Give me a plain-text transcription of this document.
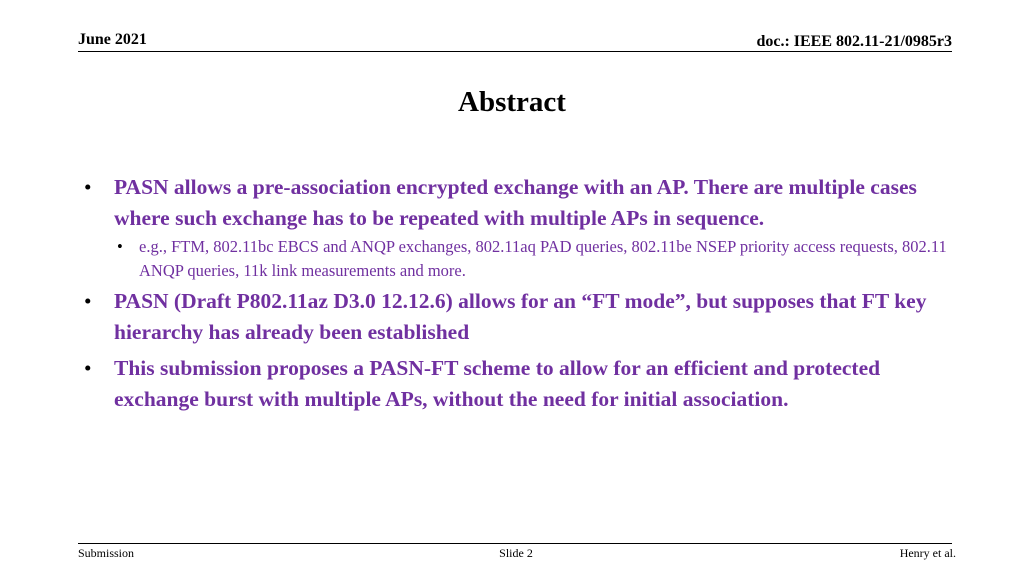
June 2021	doc.: IEEE 802.11-21/0985r3
Abstract
• PASN allows a pre-association encrypted exchange with an AP. There are multiple cases where such exchange has to be repeated with multiple APs in sequence.
• e.g., FTM, 802.11bc EBCS and ANQP exchanges, 802.11aq PAD queries, 802.11be NSEP priority access requests, 802.11 ANQP queries, 11k link measurements and more.
• PASN (Draft P802.11az D3.0 12.12.6) allows for an “FT mode”, but supposes that FT key hierarchy has already been established
• This submission proposes a PASN-FT scheme to allow for an efficient and protected exchange burst with multiple APs, without the need for initial association.
Submission	Slide 2	Henry et al.
